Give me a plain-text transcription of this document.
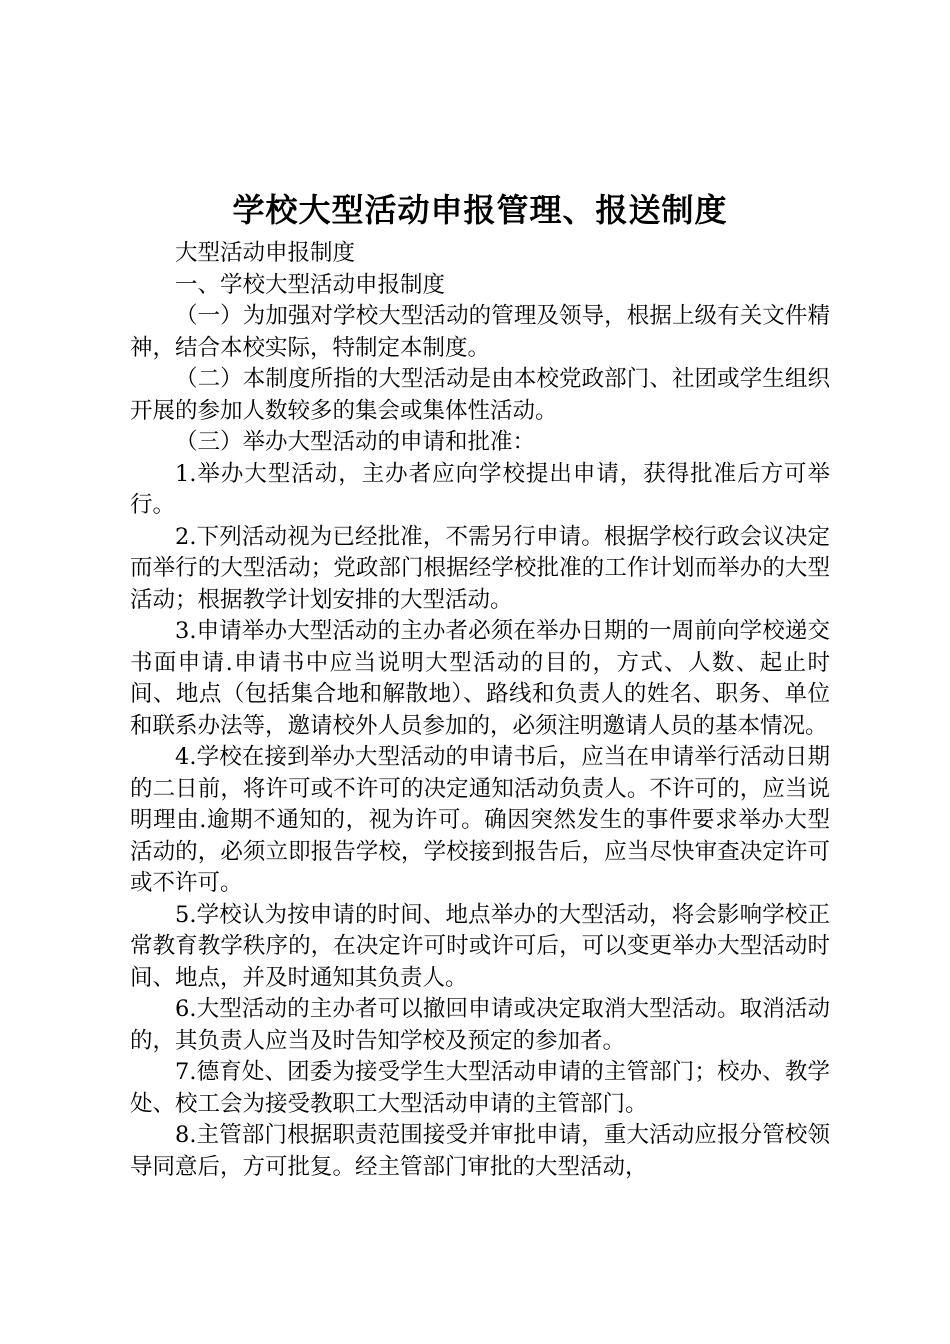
学校大型活动申报管理、报送制度

大型活动申报制度

一、学校大型活动申报制度

（一）为加强对学校大型活动的管理及领导，根据上级有关文件精神，结合本校实际，特制定本制度。

（二）本制度所指的大型活动是由本校党政部门、社团或学生组织开展的参加人数较多的集会或集体性活动。

（三）举办大型活动的申请和批准：

1.举办大型活动，主办者应向学校提出申请，获得批准后方可举行。

2.下列活动视为已经批准，不需另行申请。根据学校行政会议决定而举行的大型活动；党政部门根据经学校批准的工作计划而举办的大型活动；根据教学计划安排的大型活动。

3.申请举办大型活动的主办者必须在举办日期的一周前向学校递交书面申请.申请书中应当说明大型活动的目的，方式、人数、起止时间、地点（包括集合地和解散地）、路线和负责人的姓名、职务、单位和联系办法等，邀请校外人员参加的，必须注明邀请人员的基本情况。

4.学校在接到举办大型活动的申请书后，应当在申请举行活动日期的二日前，将许可或不许可的决定通知活动负责人。不许可的，应当说明理由.逾期不通知的，视为许可。确因突然发生的事件要求举办大型活动的，必须立即报告学校，学校接到报告后，应当尽快审查决定许可或不许可。

5.学校认为按申请的时间、地点举办的大型活动，将会影响学校正常教育教学秩序的，在决定许可时或许可后，可以变更举办大型活动时间、地点，并及时通知其负责人。

6.大型活动的主办者可以撤回申请或决定取消大型活动。取消活动的，其负责人应当及时告知学校及预定的参加者。

7.德育处、团委为接受学生大型活动申请的主管部门；校办、教学处、校工会为接受教职工大型活动申请的主管部门。

8.主管部门根据职责范围接受并审批申请，重大活动应报分管校领导同意后，方可批复。经主管部门审批的大型活动，
